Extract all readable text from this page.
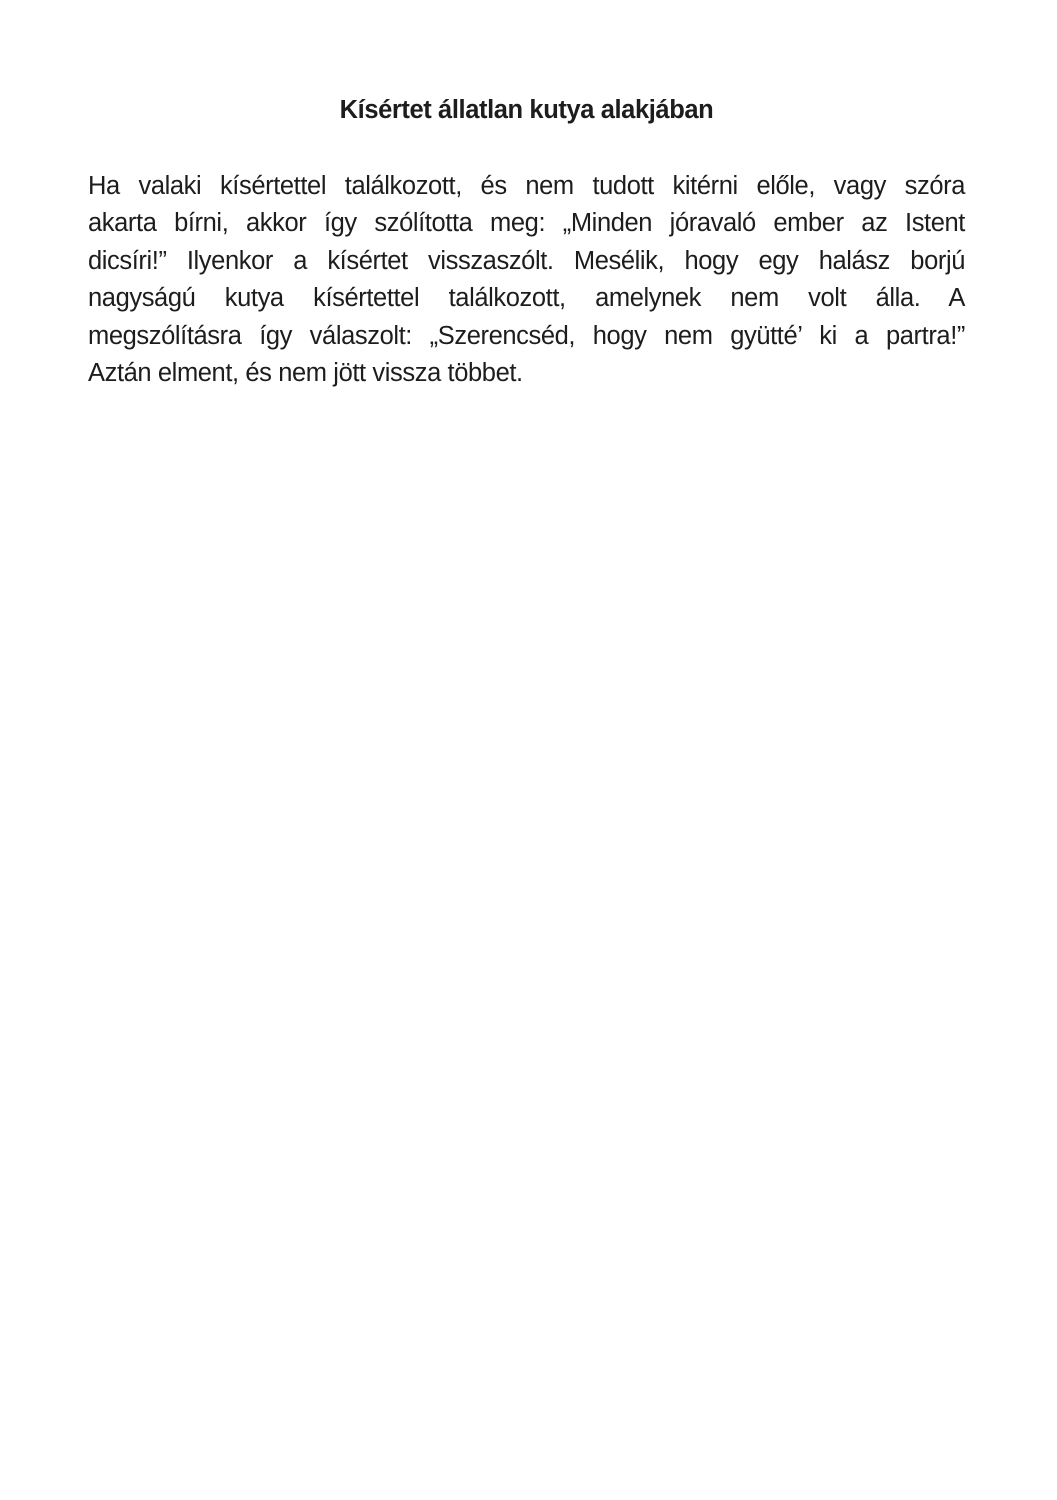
Kísértet állatlan kutya alakjában
Ha valaki kísértettel találkozott, és nem tudott kitérni előle, vagy szóra
akarta bírni, akkor így szólította meg: „Minden jóravaló ember az Istent
dicsíri!” Ilyenkor a kísértet visszaszólt. Mesélik, hogy egy halász borjú
nagyságú kutya kísértettel találkozott, amelynek nem volt álla. A
megszólításra így válaszolt: „Szerencséd, hogy nem gyütté’ ki a partra!”
Aztán elment, és nem jött vissza többet.
